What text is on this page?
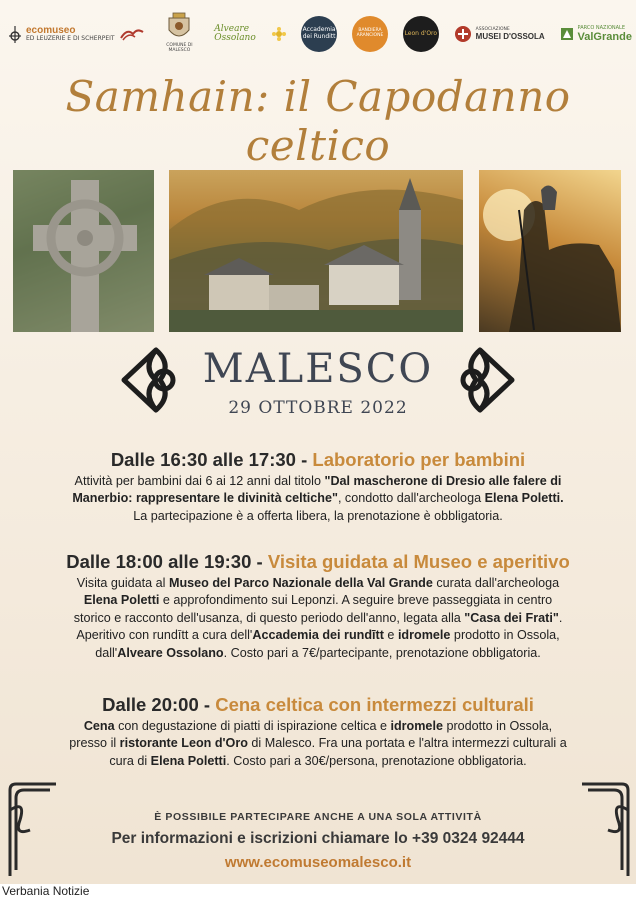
ecomuseo
ED LEUZERIE E DI SCHERPEIT
COMUNE DI MALESCO
Alveare Ossolano
Accademia dei Runditt
BANDIERA ARANCIONE	Leon d'Oro
ASSOCIAZIONE
MUSEI D'OSSOLA
PARCO NAZIONALE
ValGrande
Samhain: il Capodanno celtico
MALESCO
29 OTTOBRE 2022
Dalle 16:30 alle 17:30 - Laboratorio per bambini
Attività per bambini dai 6 ai 12 anni dal titolo "Dal mascherone di Dresio alle falere di
Manerbio: rappresentare le divinità celtiche", condotto dall'archeologa Elena Poletti.
La partecipazione è a offerta libera, la prenotazione è obbligatoria.
Dalle 18:00 alle 19:30 - Visita guidata al Museo e aperitivo
Visita guidata al Museo del Parco Nazionale della Val Grande curata dall'archeologa
Elena Poletti e approfondimento sui Leponzi. A seguire breve passeggiata in centro
storico e racconto dell'usanza, di questo periodo dell'anno, legata alla "Casa dei Frati".
Aperitivo con rundītt a cura dell'Accademia dei rundītt e idromele prodotto in Ossola,
dall'Alveare Ossolano. Costo pari a 7€/partecipante, prenotazione obbligatoria.
Dalle 20:00 - Cena celtica con intermezzi culturali
Cena con degustazione di piatti di ispirazione celtica e idromele prodotto in Ossola,
presso il ristorante Leon d'Oro di Malesco. Fra una portata e l'altra intermezzi culturali a
cura di Elena Poletti. Costo pari a 30€/persona, prenotazione obbligatoria.
È POSSIBILE PARTECIPARE ANCHE A UNA SOLA ATTIVITÀ
Per informazioni e iscrizioni chiamare lo +39 0324 92444
www.ecomuseomalesco.it
Verbania Notizie
